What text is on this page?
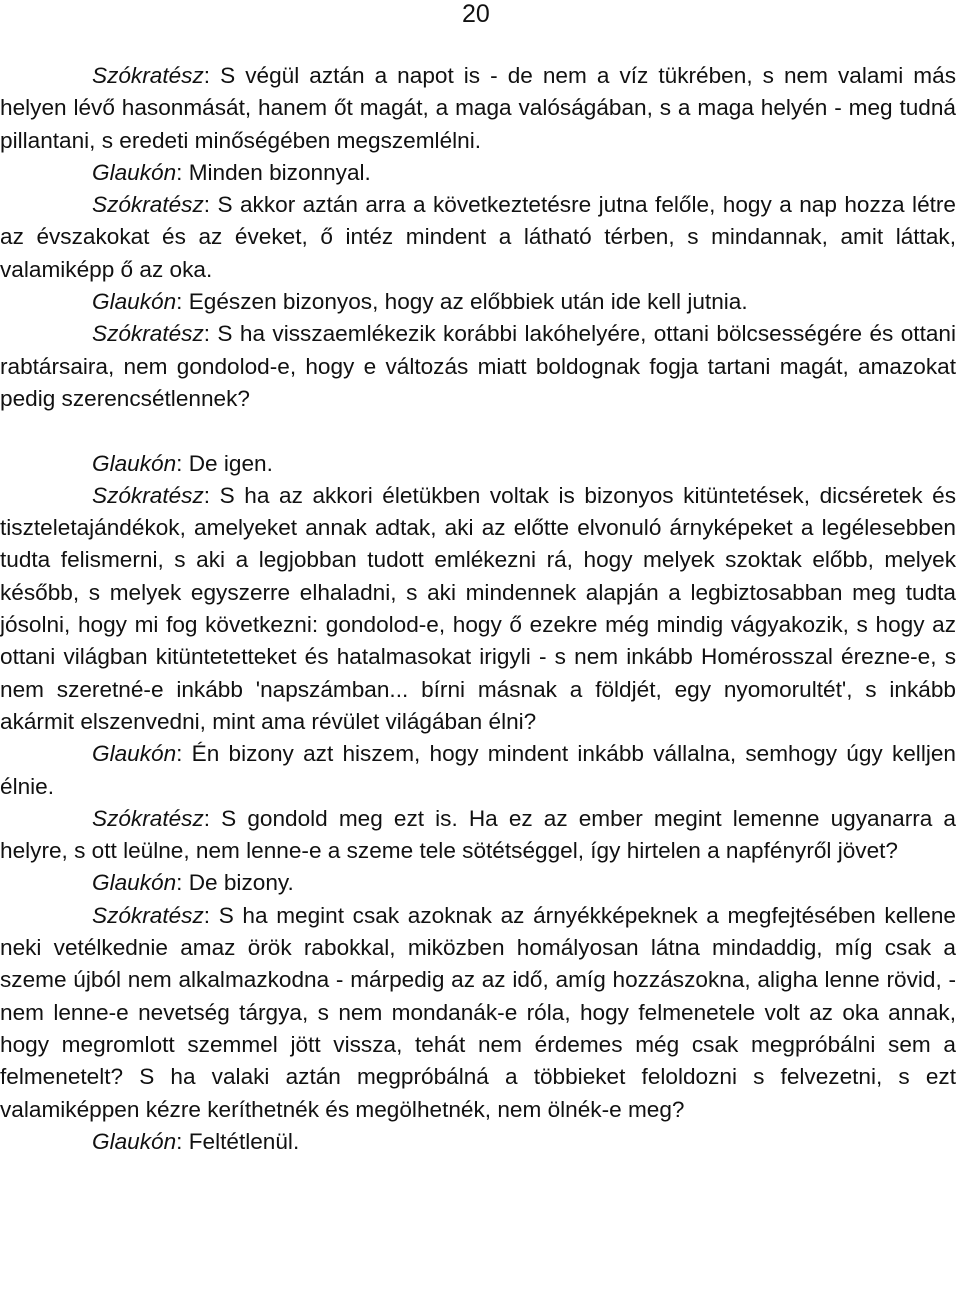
20

Szókratész: S végül aztán a napot is - de nem a víz tükrében, s nem valami más helyen lévő hasonmását, hanem őt magát, a maga valóságában, s a maga helyén - meg tudná pillantani, s eredeti minőségében megszemlélni.

Glaukón: Minden bizonnyal.

Szókratész: S akkor aztán arra a következtetésre jutna felőle, hogy a nap hozza létre az évszakokat és az éveket, ő intéz mindent a látható térben, s mindannak, amit láttak, valamiképp ő az oka.

Glaukón: Egészen bizonyos, hogy az előbbiek után ide kell jutnia.

Szókratész: S ha visszaemlékezik korábbi lakóhelyére, ottani bölcsességére és ottani rabtársaira, nem gondolod-e, hogy e változás miatt boldognak fogja tartani magát, amazokat pedig szerencsétlennek?

Glaukón: De igen.

Szókratész: S ha az akkori életükben voltak is bizonyos kitüntetések, dicséretek és tiszteletajándékok, amelyeket annak adtak, aki az előtte elvonuló árnyképeket a legélesebben tudta felismerni, s aki a legjobban tudott emlékezni rá, hogy melyek szoktak előbb, melyek később, s melyek egyszerre elhaladni, s aki mindennek alapján a legbiztosabban meg tudta jósolni, hogy mi fog következni: gondolod-e, hogy ő ezekre még mindig vágyakozik, s hogy az ottani világban kitüntetetteket és hatalmasokat irigyli - s nem inkább Homérosszal érezne-e, s nem szeretné-e inkább 'napszámban... bírni másnak a földjét, egy nyomorultét', s inkább akármit elszenvedni, mint ama révület világában élni?

Glaukón: Én bizony azt hiszem, hogy mindent inkább vállalna, semhogy úgy kelljen élnie.

Szókratész: S gondold meg ezt is. Ha ez az ember megint lemenne ugyanarra a helyre, s ott leülne, nem lenne-e a szeme tele sötétséggel, így hirtelen a napfényről jövet?

Glaukón: De bizony.

Szókratész: S ha megint csak azoknak az árnyékképeknek a megfejtésében kellene neki vetélkednie amaz örök rabokkal, miközben homályosan látna mindaddig, míg csak a szeme újból nem alkalmazkodna - márpedig az az idő, amíg hozzászokna, aligha lenne rövid, - nem lenne-e nevetség tárgya, s nem mondanák-e róla, hogy felmenetele volt az oka annak, hogy megromlott szemmel jött vissza, tehát nem érdemes még csak megpróbálni sem a felmenetelt? S ha valaki aztán megpróbálná a többieket feloldozni s felvezetni, s ezt valamiképpen kézre keríthetnék és megölhetnék, nem ölnék-e meg?

Glaukón: Feltétlenül.
